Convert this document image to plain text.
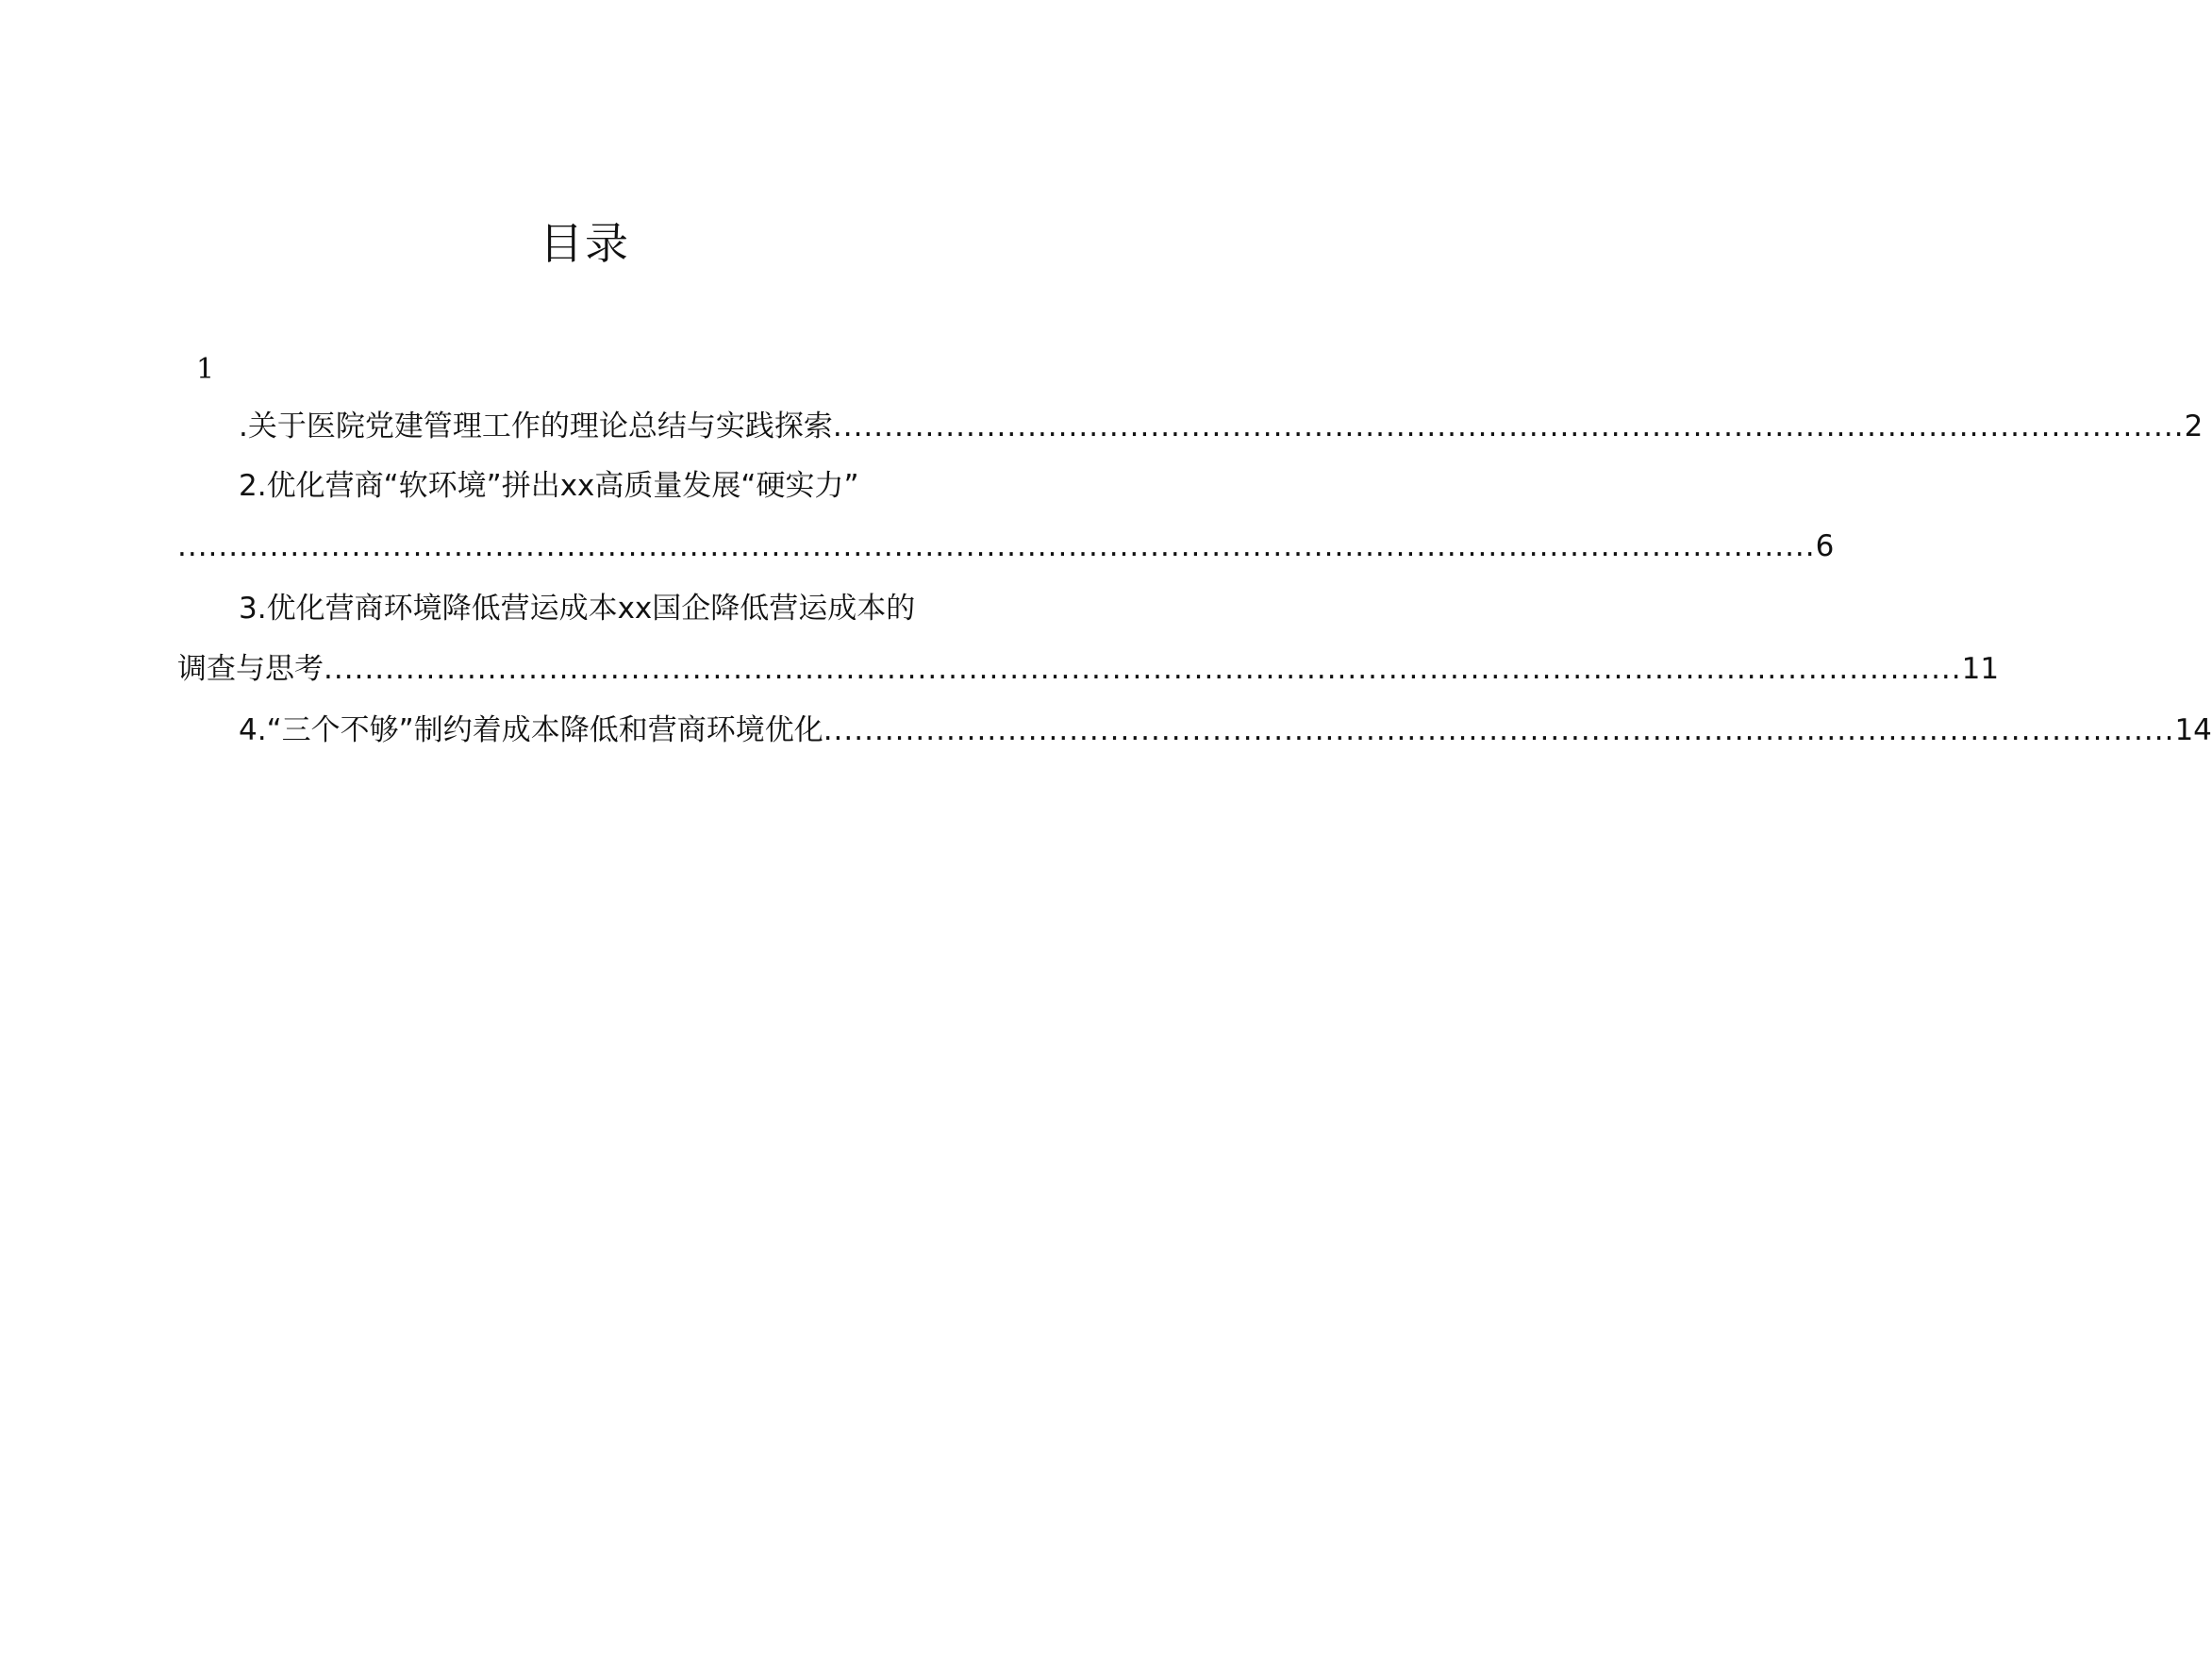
目录
1
.关于医院党建管理工作的理论总结与实践探索 .................................................................................................................................... 2
2.优化营商“软环境”拼出xx高质量发展“硬实力”
................................................................................................................................................................ 6
3.优化营商环境降低营运成本xx国企降低营运成本的
调查与思考 ................................................................................................................................................................ 11
4.“三个不够”制约着成本降低和营商环境优化 .................................................................................................................................... 14
